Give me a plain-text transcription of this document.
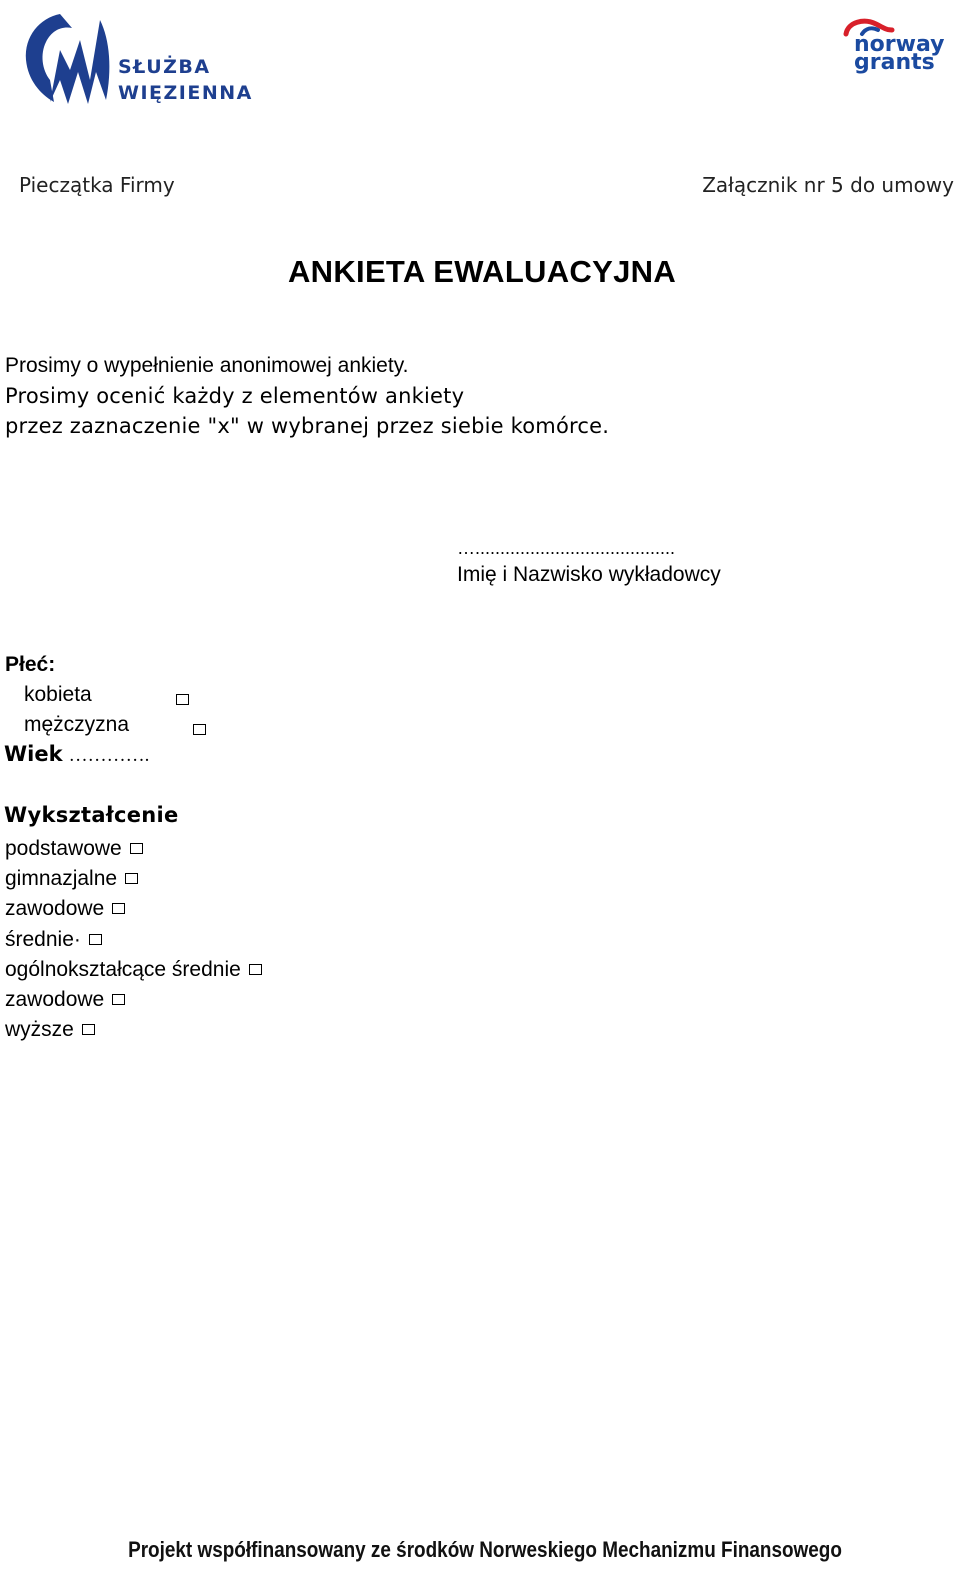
SŁUŻBA
WIĘZIENNA
norway
grants
Pieczątka Firmy	Załącznik nr 5 do umowy
ANKIETA EWALUACYJNA
Prosimy o wypełnienie anonimowej ankiety.
Prosimy ocenić każdy z elementów ankiety
przez zaznaczenie "x" w wybranej przez siebie komórce.
…........................................
Imię i Nazwisko wykładowcy
Płeć:
kobieta

mężczyzna
Wiek ………….
Wykształcenie
podstawowe
gimnazjalne
zawodowe
średnie·
ogólnokształcące średnie
zawodowe
wyższe
Projekt współfinansowany ze środków Norweskiego Mechanizmu Finansowego
